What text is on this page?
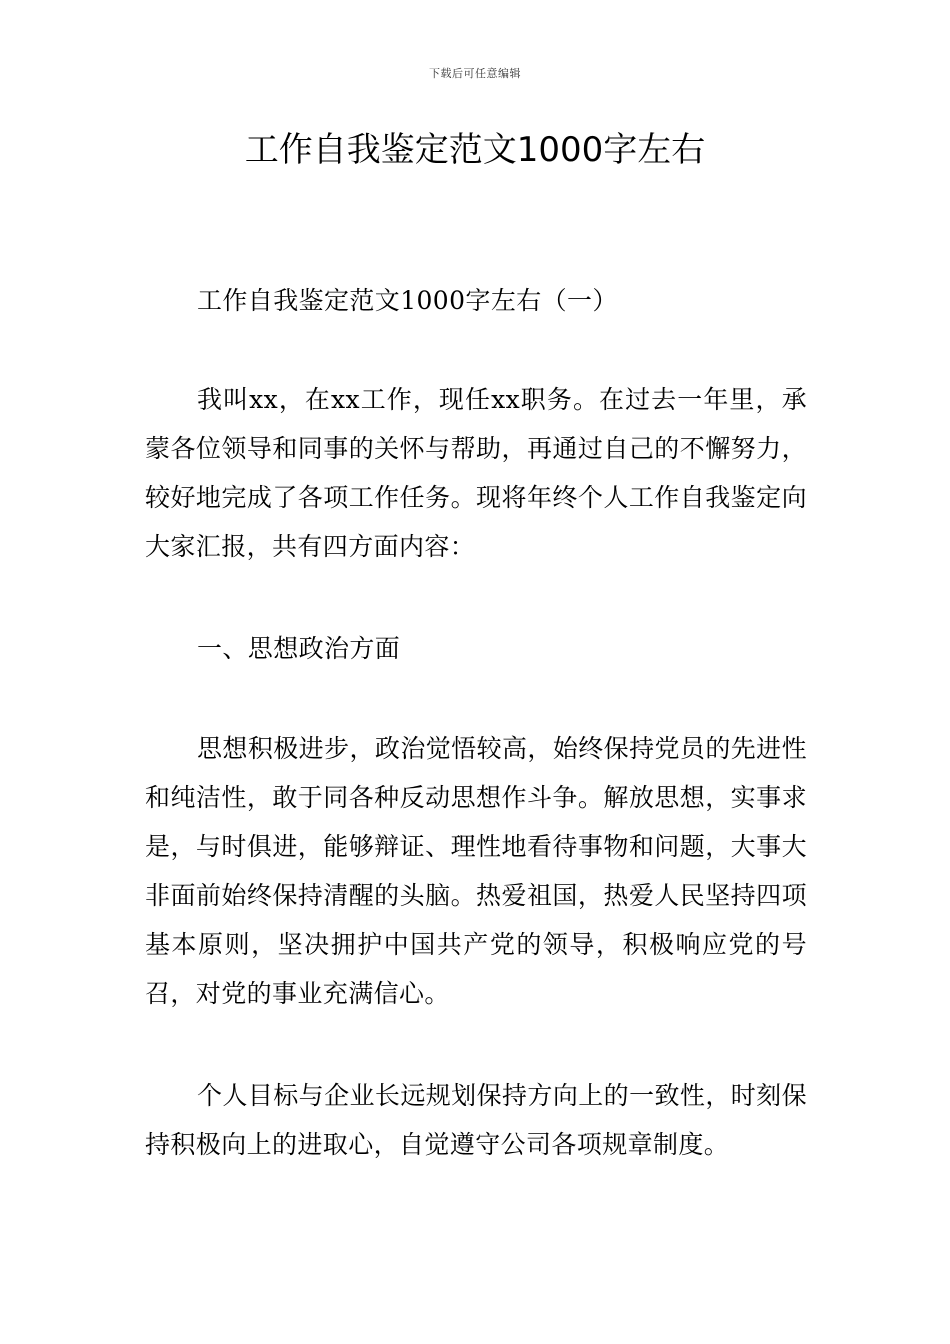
下载后可任意编辑
工作自我鉴定范文1000字左右

工作自我鉴定范文1000字左右（一）

我叫xx，在xx工作，现任xx职务。在过去一年里，承蒙各位领导和同事的关怀与帮助，再通过自己的不懈努力，较好地完成了各项工作任务。现将年终个人工作自我鉴定向大家汇报，共有四方面内容：

一、思想政治方面

思想积极进步，政治觉悟较高，始终保持党员的先进性和纯洁性，敢于同各种反动思想作斗争。解放思想，实事求是，与时俱进，能够辩证、理性地看待事物和问题，大事大非面前始终保持清醒的头脑。热爱祖国，热爱人民坚持四项基本原则，坚决拥护中国共产党的领导，积极响应党的号召，对党的事业充满信心。

个人目标与企业长远规划保持方向上的一致性，时刻保持积极向上的进取心，自觉遵守公司各项规章制度。
